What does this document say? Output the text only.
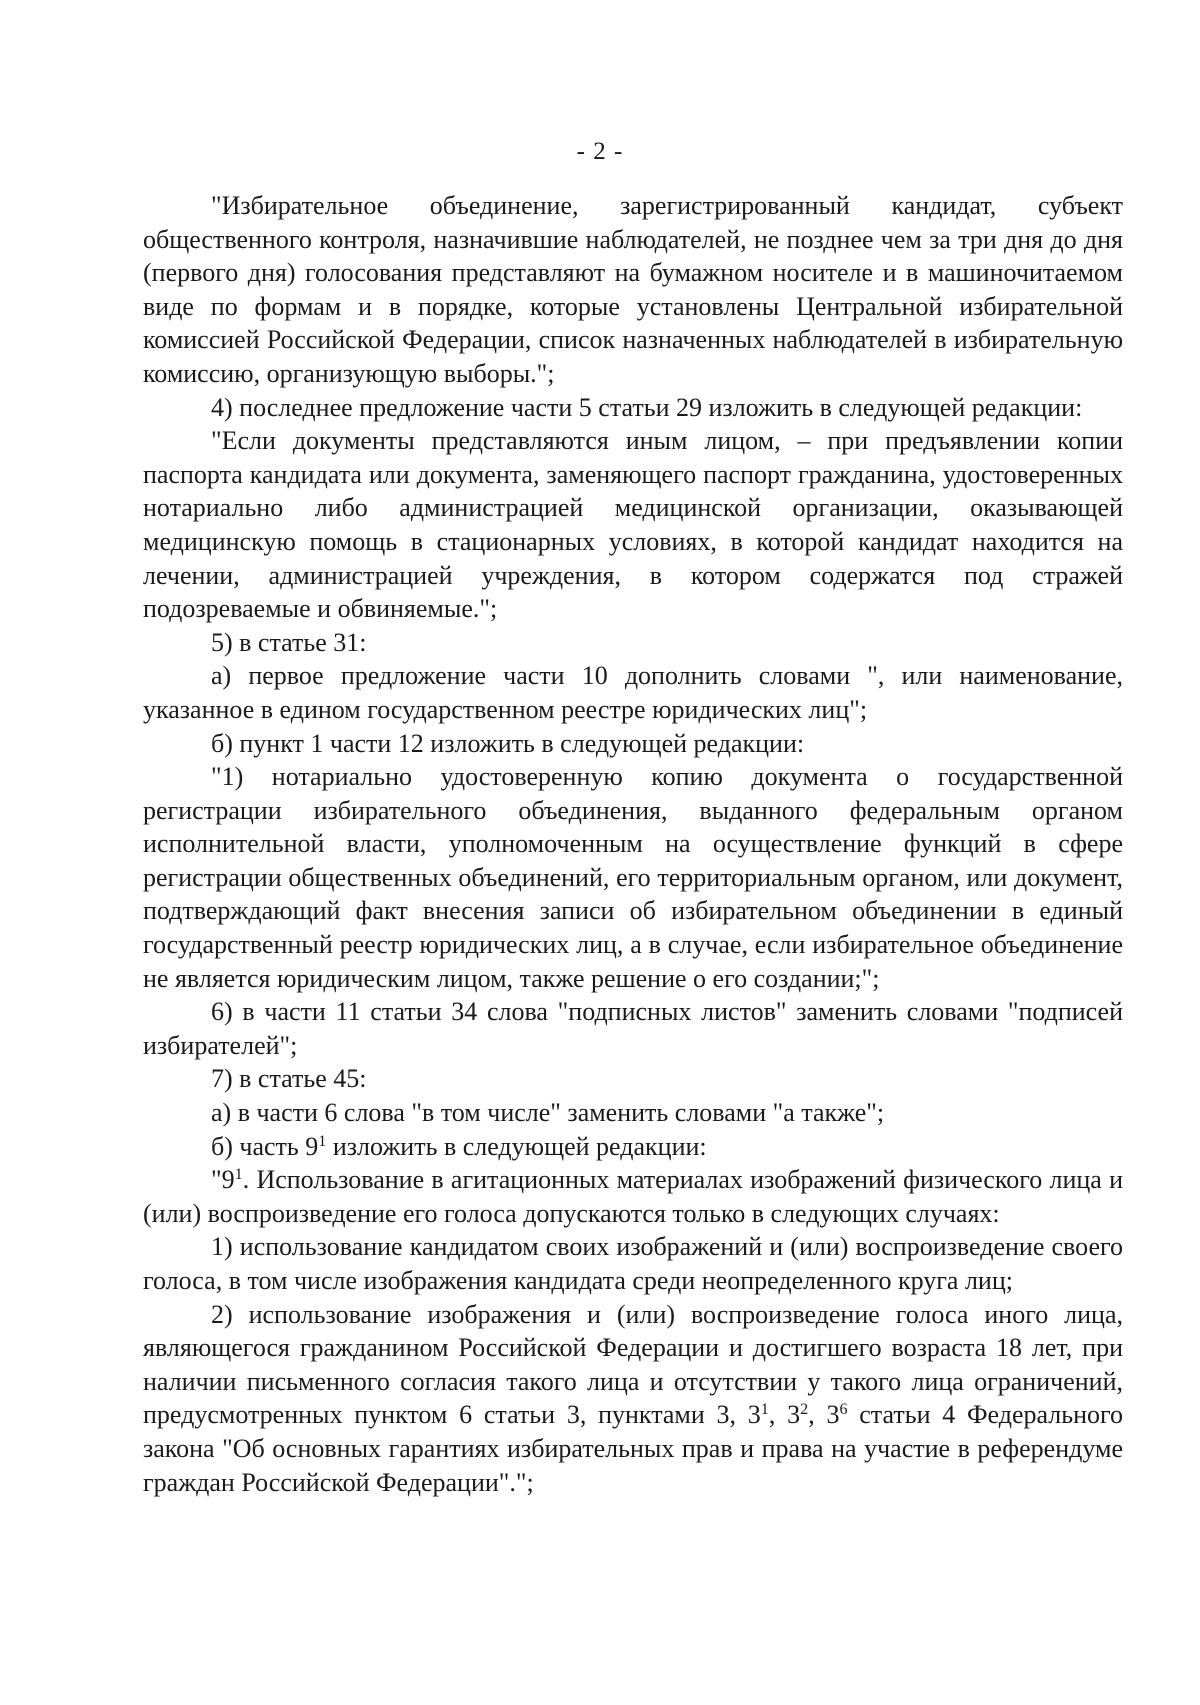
- 2 -

"Избирательное объединение, зарегистрированный кандидат, субъект общественного контроля, назначившие наблюдателей, не позднее чем за три дня до дня (первого дня) голосования представляют на бумажном носителе и в машиночитаемом виде по формам и в порядке, которые установлены Центральной избирательной комиссией Российской Федерации, список назначенных наблюдателей в избирательную комиссию, организующую выборы.";

4) последнее предложение части 5 статьи 29 изложить в следующей редакции:

"Если документы представляются иным лицом, – при предъявлении копии паспорта кандидата или документа, заменяющего паспорт гражданина, удостоверенных нотариально либо администрацией медицинской организации, оказывающей медицинскую помощь в стационарных условиях, в которой кандидат находится на лечении, администрацией учреждения, в котором содержатся под стражей подозреваемые и обвиняемые.";

5) в статье 31:

а) первое предложение части 10 дополнить словами ", или наименование, указанное в едином государственном реестре юридических лиц";

б) пункт 1 части 12 изложить в следующей редакции:

"1) нотариально удостоверенную копию документа о государственной регистрации избирательного объединения, выданного федеральным органом исполнительной власти, уполномоченным на осуществление функций в сфере регистрации общественных объединений, его территориальным органом, или документ, подтверждающий факт внесения записи об избирательном объединении в единый государственный реестр юридических лиц, а в случае, если избирательное объединение не является юридическим лицом, также решение о его создании;";

6) в части 11 статьи 34 слова "подписных листов" заменить словами "подписей избирателей";

7) в статье 45:

а) в части 6 слова "в том числе" заменить словами "а также";

б) часть $9^1$ изложить в следующей редакции:

"$9^1$. Использование в агитационных материалах изображений физического лица и (или) воспроизведение его голоса допускаются только в следующих случаях:

1) использование кандидатом своих изображений и (или) воспроизведение своего голоса, в том числе изображения кандидата среди неопределенного круга лиц;

2) использование изображения и (или) воспроизведение голоса иного лица, являющегося гражданином Российской Федерации и достигшего возраста 18 лет, при наличии письменного согласия такого лица и отсутствии у такого лица ограничений, предусмотренных пунктом 6 статьи 3, пунктами 3, $3^1$, $3^2$, $3^6$ статьи 4 Федерального закона "Об основных гарантиях избирательных прав и права на участие в референдуме граждан Российской Федерации".";
